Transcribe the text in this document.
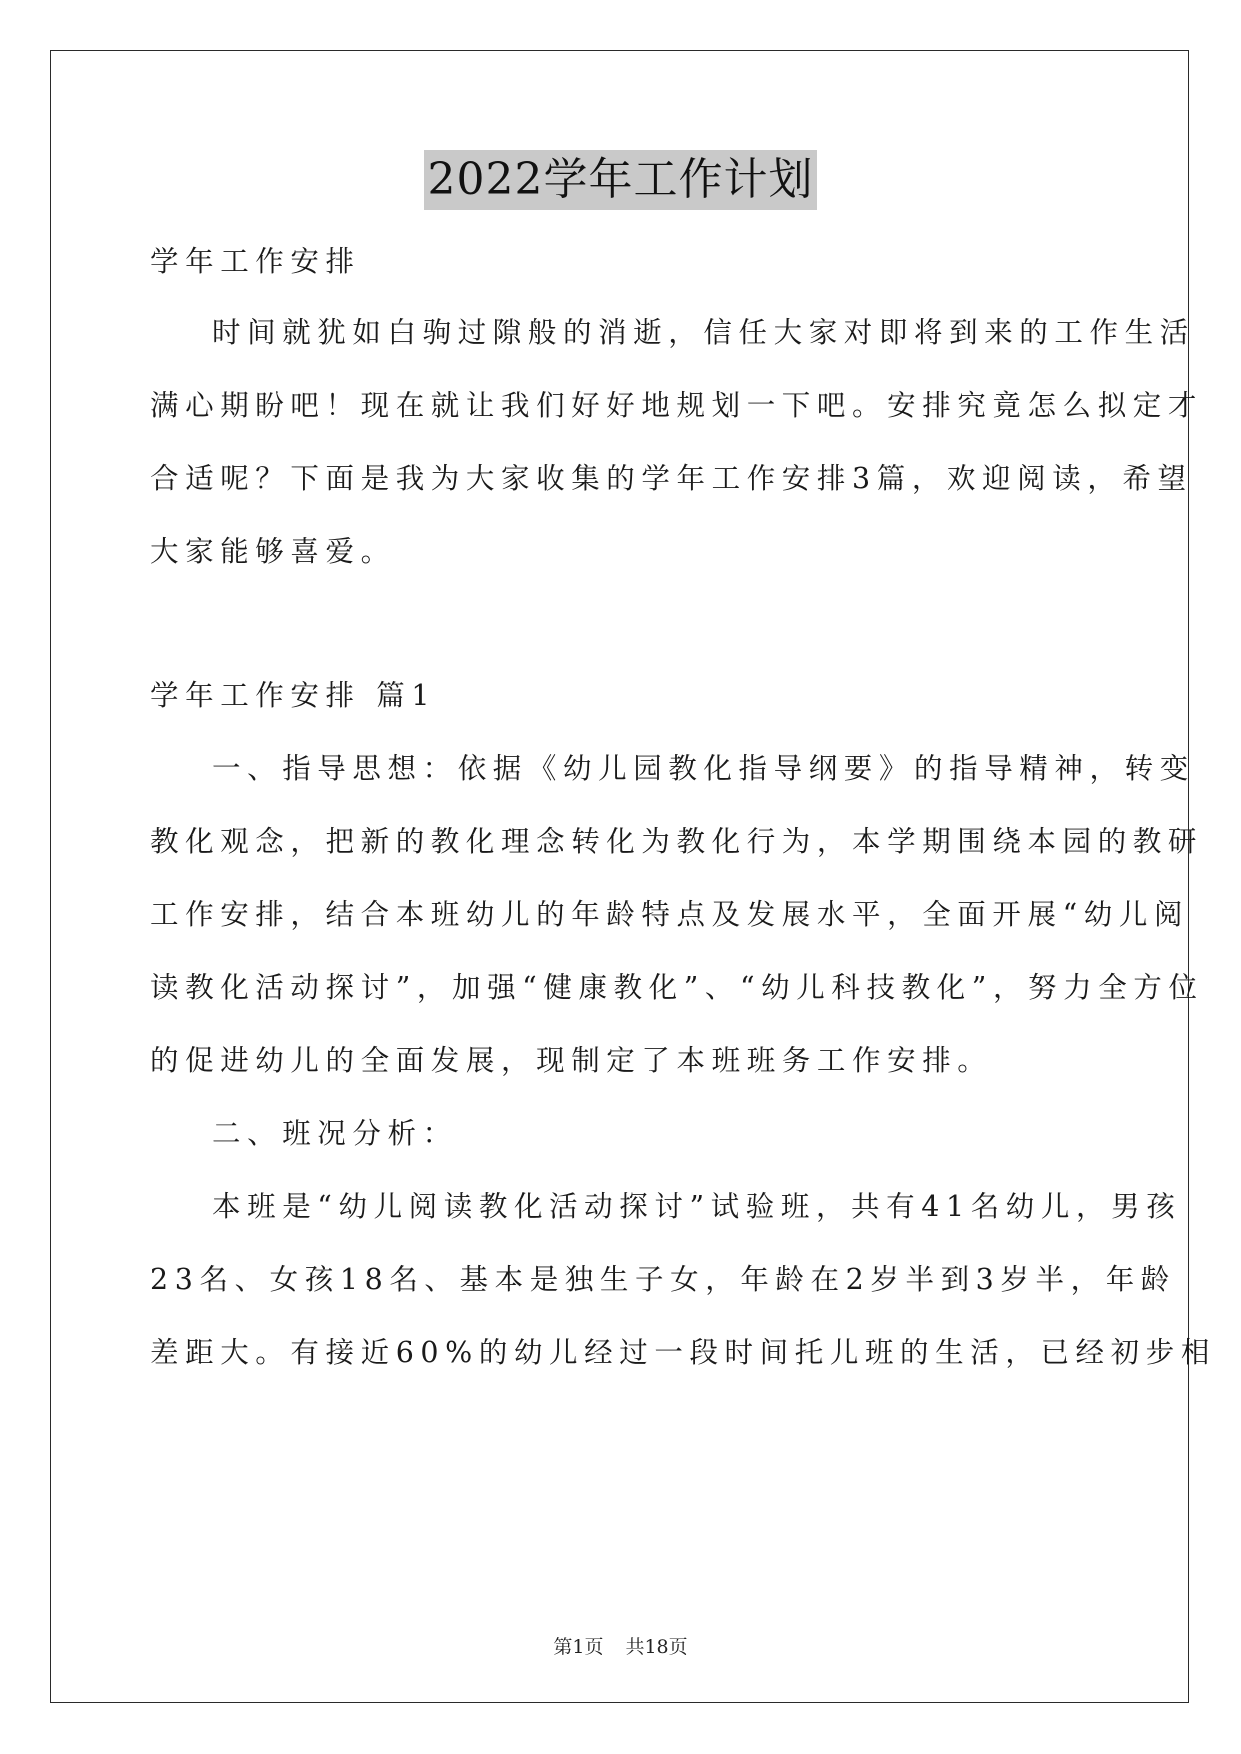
2022学年工作计划
学年工作安排
时间就犹如白驹过隙般的消逝，信任大家对即将到来的工作生活
满心期盼吧！现在就让我们好好地规划一下吧。安排究竟怎么拟定才
合适呢？下面是我为大家收集的学年工作安排3篇，欢迎阅读，希望
大家能够喜爱。
学年工作安排 篇1
一、指导思想：依据《幼儿园教化指导纲要》的指导精神，转变
教化观念，把新的教化理念转化为教化行为，本学期围绕本园的教研
工作安排，结合本班幼儿的年龄特点及发展水平，全面开展“幼儿阅
读教化活动探讨”，加强“健康教化”、“幼儿科技教化”，努力全方位
的促进幼儿的全面发展，现制定了本班班务工作安排。
二、班况分析：
本班是“幼儿阅读教化活动探讨”试验班，共有41名幼儿，男孩
23名、女孩18名、基本是独生子女，年龄在2岁半到3岁半，年龄
差距大。有接近60%的幼儿经过一段时间托儿班的生活，已经初步相
第1页 共18页
